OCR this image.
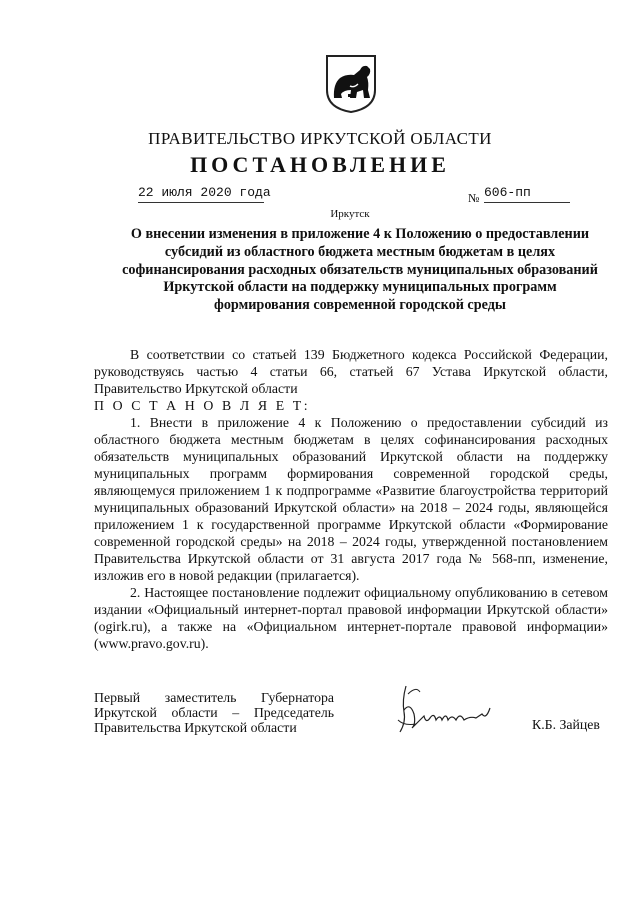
ПРАВИТЕЛЬСТВО ИРКУТСКОЙ ОБЛАСТИ
ПОСТАНОВЛЕНИЕ
22 июля 2020 года	№ 606-пп
Иркутск
О внесении изменения в приложение 4 к Положению о предоставлении
субсидий из областного бюджета местным бюджетам в целях
софинансирования расходных обязательств муниципальных образований
Иркутской области на поддержку муниципальных программ
формирования современной городской среды

В соответствии со статьей 139 Бюджетного кодекса Российской Федерации, руководствуясь частью 4 статьи 66, статьей 67 Устава Иркутской области, Правительство Иркутской области

П О С Т А Н О В Л Я Е Т:

1. Внести в приложение 4 к Положению о предоставлении субсидий из областного бюджета местным бюджетам в целях софинансирования расходных обязательств муниципальных образований Иркутской области на поддержку муниципальных программ формирования современной городской среды, являющемуся приложением 1 к подпрограмме «Развитие благоустройства территорий муниципальных образований Иркутской области» на 2018 – 2024 годы, являющейся приложением 1 к государственной программе Иркутской области «Формирование современной городской среды» на 2018 – 2024 годы, утвержденной постановлением Правительства Иркутской области от 31 августа 2017 года № 568-пп, изменение, изложив его в новой редакции (прилагается).

2. Настоящее постановление подлежит официальному опубликованию в сетевом издании «Официальный интернет-портал правовой информации Иркутской области» (ogirk.ru), а также на «Официальном интернет-портале правовой информации» (www.pravo.gov.ru).

Первый заместитель Губернатора
Иркутской области – Председатель
Правительства Иркутской области	К.Б. Зайцев
